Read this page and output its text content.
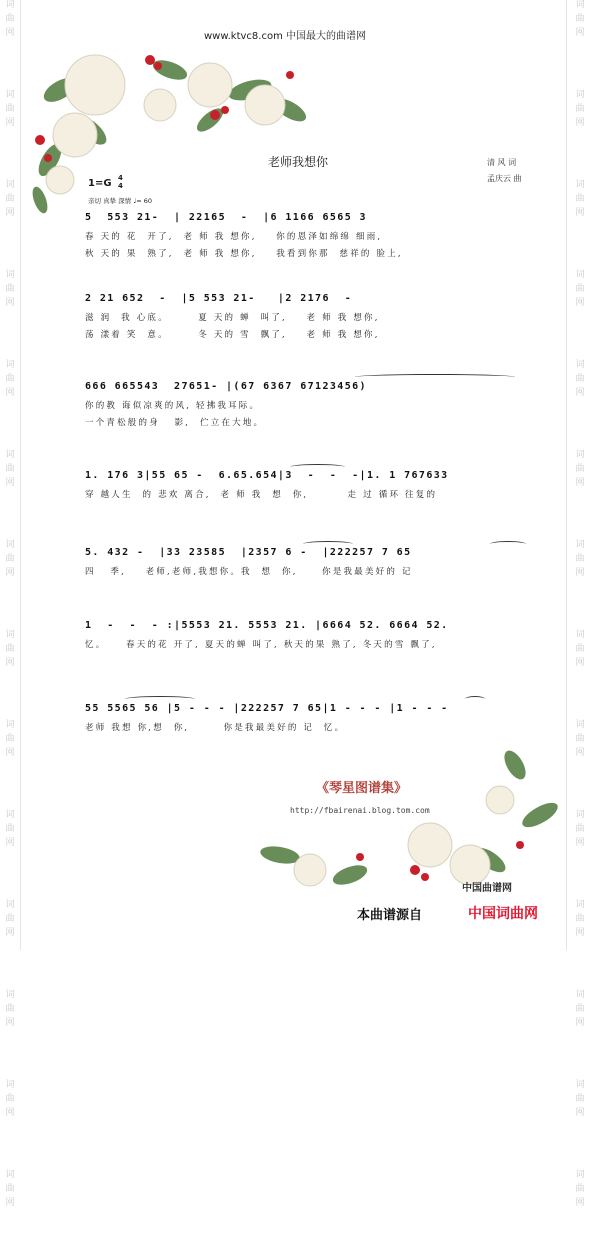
词
曲
网
词
曲
网
词
曲
网
词
曲
网
词
曲
网
词
曲
网
词
曲
网
词
曲
网
词
曲
网
词
曲
网
词
曲
网
词
曲
网
词
曲
网
词
曲
网
词
曲
网
词
曲
网
词
曲
网
词
曲
网
词
曲
网
词
曲
网
词
曲
网
词
曲
网
词
曲
网
词
曲
网
词
曲
网
词
曲
网
词
曲
网
词
曲
网
www.ktvc8.com 中国最大的曲谱网
老师我想你	清 风 词
孟庆云 曲
1=G 4
4
亲切 真挚 深情 ♩= 60
5  553 21-  | 22165  -  |6 1166 6565 3
春 天的 花  开了,  老 师 我 想你,    你的恩泽如绵绵 细雨,
秋 天的 果  熟了,  老 师 我 想你,    我看到你那  慈祥的 脸上,
2 21 652  -  |5 553 21-   |2 2176  -
滋 润  我 心底。      夏 天的 蝉  叫了,    老 师 我 想你,
荡 漾着 笑  意。      冬 天的 雪  飘了,    老 师 我 想你,
666 665543  27651- |(67 6367 67123456)
你的教 诲似凉爽的风, 轻拂我耳际。
一个青松般的身   影,  伫立在大地。
1. 176 3|55 65 -  6.65.654|3  -  -  -|1. 1 767633
穿 越人生  的 悲欢 离合,  老 师 我  想  你,        走 过 循环 往复的
5. 432 -  |33 23585  |2357 6 -  |222257 7 65
四   季,    老师,老师,我想你。我  想  你,     你是我最美好的 记
1  -  -  - :|5553 21. 5553 21. |6664 52. 6664 52.
忆。    春天的花 开了, 夏天的蝉 叫了, 秋天的果 熟了, 冬天的雪 飘了,
55 5565 56 |5 - - - |222257 7 65|1 - - - |1 - - -
老师 我想 你,想  你,       你是我最美好的 记  忆。
《琴星图谱集》
http://fbairenai.blog.tom.com
中国曲谱网
本曲谱源自	中国词曲网
